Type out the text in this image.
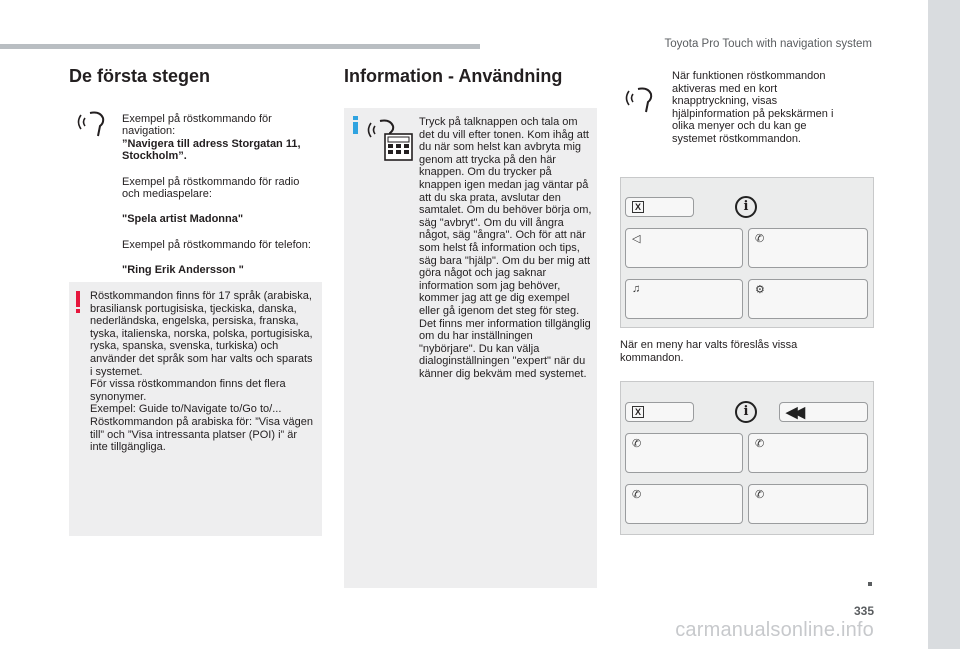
Toyota Pro Touch with navigation system
De första stegen

Exempel på röstkommando för navigation:

”Navigera till adress Storgatan 11, Stockholm”.

Exempel på röstkommando för radio och mediaspelare:

"Spela artist Madonna"

Exempel på röstkommando för telefon:

"Ring Erik Andersson "

Röstkommandon finns för 17 språk (arabiska, brasiliansk portugisiska, tjeckiska, danska, nederländska, engelska, persiska, franska, tyska, italienska, norska, polska, portugisiska, ryska, spanska, svenska, turkiska) och använder det språk som har valts och sparats i systemet.
För vissa röstkommandon finns det flera synonymer.
Exempel: Guide to/Navigate to/Go to/...
Röstkommandon på arabiska för: ”Visa vägen till” och ”Visa intressanta platser (POI) i” är inte tillgängliga.
Information - Användning
Tryck på talknappen och tala om det du vill efter tonen. Kom ihåg att du när som helst kan avbryta mig genom att trycka på den här knappen. Om du trycker på knappen igen medan jag väntar på att du ska prata, avslutar den samtalet. Om du behöver börja om, säg "avbryt". Om du vill ångra något, säg "ångra". Och för att när som helst få information och tips, säg bara "hjälp". Om du ber mig att göra något och jag saknar information som jag behöver, kommer jag att ge dig exempel eller gå igenom det steg för steg. Det finns mer information tillgänglig om du har inställningen "nybörjare". Du kan välja dialoginställningen "expert" när du känner dig bekväm med systemet.
När funktionen röstkommandon aktiveras med en kort knapptryckning, visas hjälpinformation på pekskärmen i olika menyer och du kan ge systemet röstkommandon.
X	i
◁	✆
♫	⚙
När en meny har valts föreslås vissa kommandon.
X	i	◀◀
✆	✆
✆	✆
335
carmanualsonline.info
